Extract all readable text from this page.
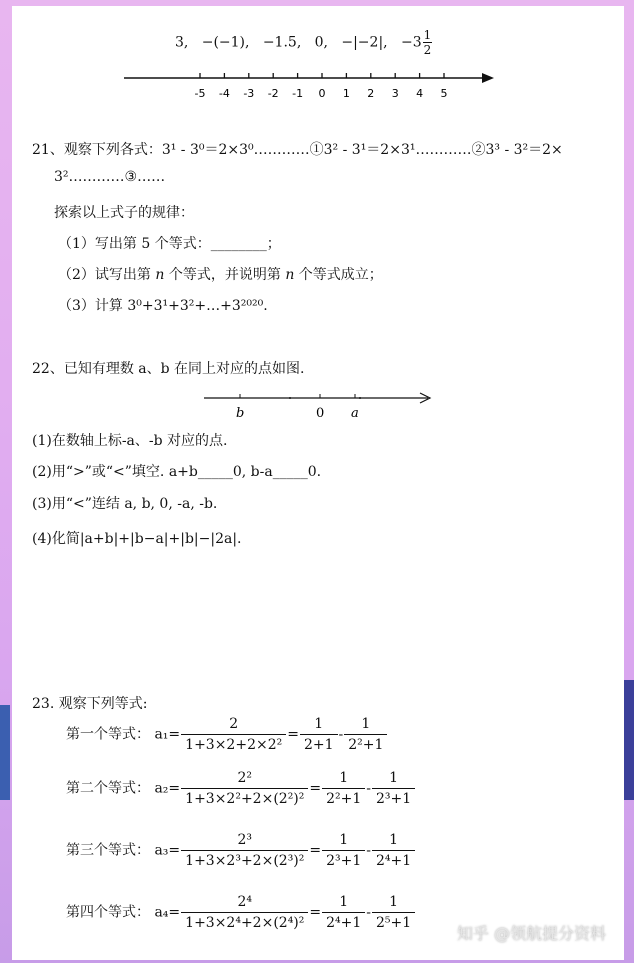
3, −(−1), −1.5, 0, −|−2|, $-3 \frac{1}{2}$
-5 -4 -3 -2 -1 0 1 2 3 4 5
21、观察下列各式：3¹ - 3⁰＝2×3⁰…………①3² - 3¹＝2×3¹…………②3³ - 3²＝2×
3²…………③……
探索以上式子的规律：
（1）写出第 5 个等式：________；
（2）试写出第 n 个等式，并说明第 n 个等式成立；
（3）计算 3⁰+3¹+3²+…+3²⁰²⁰.
22、已知有理数 a、b 在同上对应的点如图.
b	0 a
(1)在数轴上标-a、-b 对应的点.
(2)用“>”或“<”填空. a+b_____0, b-a_____0.
(3)用“<”连结 a, b, 0, -a, -b.
(4)化简|a+b|+|b−a|+|b|−|2a|.
23. 观察下列等式:
第一个等式： $a_1= \frac{2}{\text{1+3×2+2×2²}} = \frac{1}{2+1} - \frac{1}{\text{2²+1}}$
第二个等式： $a_2= \frac{\text{2²}}{\text{1+3×2²+2×(2²)²}} = \frac{1}{\text{2²+1}} - \frac{1}{\text{2³+1}}$
第三个等式： $a_3= \frac{\text{2³}}{\text{1+3×2³+2×(2³)²}} = \frac{1}{\text{2³+1}} - \frac{1}{\text{2⁴+1}}$
第四个等式： $a_4= \frac{\text{2⁴}}{\text{1+3×2⁴+2×(2⁴)²}} = \frac{1}{\text{2⁴+1}} - \frac{1}{\text{2⁵+1}}$
知乎 @领航提分资料
